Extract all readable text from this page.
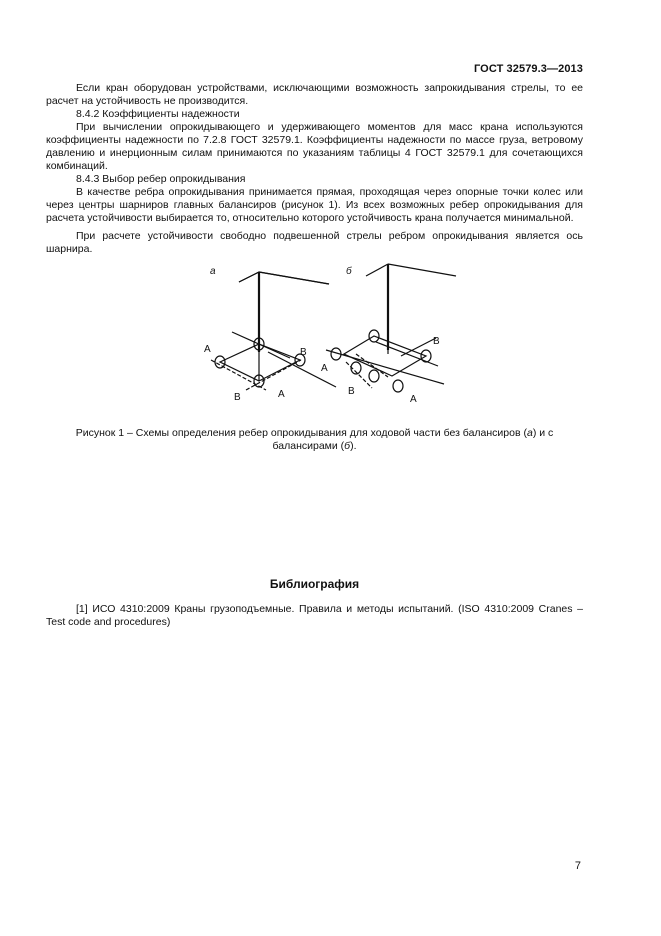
ГОСТ 32579.3—2013

Если кран оборудован устройствами, исключающими возможность запрокидывания стрелы, то ее расчет на устойчивость не производится.

8.4.2 Коэффициенты надежности

При вычислении опрокидывающего и удерживающего моментов для масс крана используются коэффициенты надежности по 7.2.8 ГОСТ 32579.1. Коэффициенты надежности по массе груза, ветровому давлению и инерционным силам принимаются по указаниям таблицы 4 ГОСТ 32579.1 для сочетающихся комбинаций.

8.4.3 Выбор ребер опрокидывания

В качестве ребра опрокидывания принимается прямая, проходящая через опорные точки колес или через центры шарниров главных балансиров (рисунок 1). Из всех возможных ребер опрокидывания для расчета устойчивости выбирается то, относительно которого устойчивость крана получается минимальной.

При расчете устойчивости свободно подвешенной стрелы ребром опрокидывания является ось шарнира.

а
A	B
B	A
б
A
B
B
A
Рисунок 1 – Схемы определения ребер опрокидывания для ходовой части без балансиров (а) и с балансирами (б).
Библиография
[1] ИСО 4310:2009 Краны грузоподъемные. Правила и методы испытаний. (ISO 4310:2009 Cranes – Test code and procedures)
7
